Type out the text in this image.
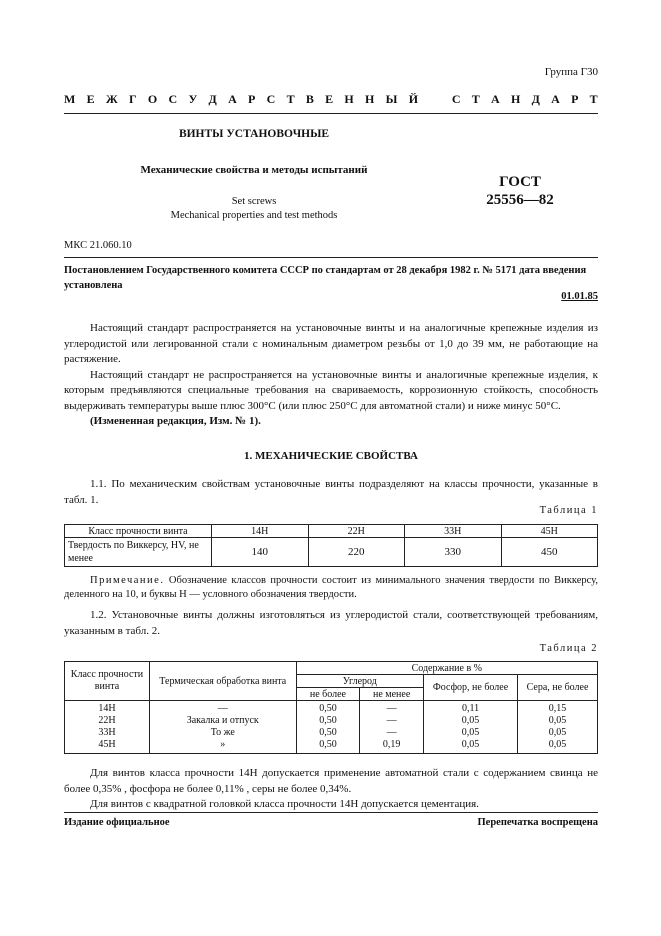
Группа Г30
М Е Ж Г О С У Д А Р С Т В Е Н Н Ы Й	С Т А Н Д А Р Т
ВИНТЫ УСТАНОВОЧНЫЕ
Механические свойства и методы испытаний
Set screws
Mechanical properties and test methods
ГОСТ
25556—82
МКС 21.060.10
Постановлением Государственного комитета СССР по стандартам от 28 декабря 1982 г. № 5171 дата введения установлена
01.01.85

Настоящий стандарт распространяется на установочные винты и на аналогичные крепежные изделия из углеродистой или легированной стали с номинальным диаметром резьбы от 1,0 до 39 мм, не работающие на растяжение.

Настоящий стандарт не распространяется на установочные винты и аналогичные крепежные изделия, к которым предъявляются специальные требования на свариваемость, коррозионную стойкость, способность выдерживать температуры выше плюс 300°С (или плюс 250°С для автоматной стали) и ниже минус 50°С.

(Измененная редакция, Изм. № 1).

1. МЕХАНИЧЕСКИЕ СВОЙСТВА

1.1. По механическим свойствам установочные винты подразделяют на классы прочности, указанные в табл. 1.

Таблица 1
Класс прочности винта	14H	22H	33H	45H
Твердость по Виккерсу, HV, не менее	140	220	330	450

Примечание. Обозначение классов прочности состоит из минимального значения твердости по Виккерсу, деленного на 10, и буквы H — условного обозначения твердости.

1.2. Установочные винты должны изготовляться из углеродистой стали, соответствующей требованиям, указанным в табл. 2.

Таблица 2
Класс прочности винта	Термическая обработка винта	Содержание в %			
		Углерод		Фосфор, не более	Сера, не более
		не более	не менее		
14H	—	0,50	—	0,11	0,15
22H	Закалка и отпуск	0,50	—	0,05	0,05
33H	То же	0,50	—	0,05	0,05
45H	»	0,50	0,19	0,05	0,05

Для винтов класса прочности 14H допускается применение автоматной стали с содержанием свинца не более 0,35% , фосфора не более 0,11% , серы не более 0,34%.

Для винтов с квадратной головкой класса прочности 14H допускается цементация.

Издание официальное	Перепечатка воспрещена
